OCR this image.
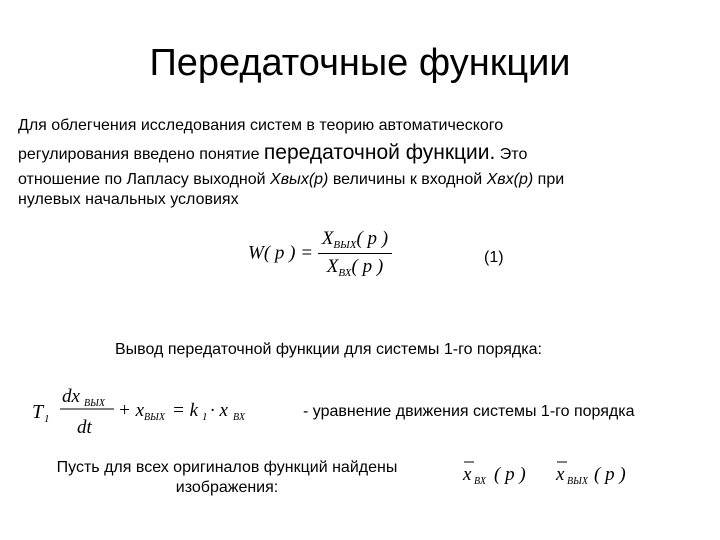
Передаточные функции
Для облегчения исследования систем в теорию автоматического
регулирования введено понятие передаточной функции. Это
отношение по Лапласу выходной Xвых(p) величины к входной Xвх(p) при
нулевых начальных условиях
W( p ) = $\frac{X_{ВЫХ}( p )}{X_{ВХ}( p )}$	(1)
Вывод передаточной функции для системы 1-го порядка:
T 1
dx ВЫХ
dt
+ x ВЫХ = k 1 · x ВХ	- уравнение движения системы 1-го порядка
Пусть для всех оригиналов функций найдены
изображения:
x ВХ ( p ) x ВЫХ ( p )
